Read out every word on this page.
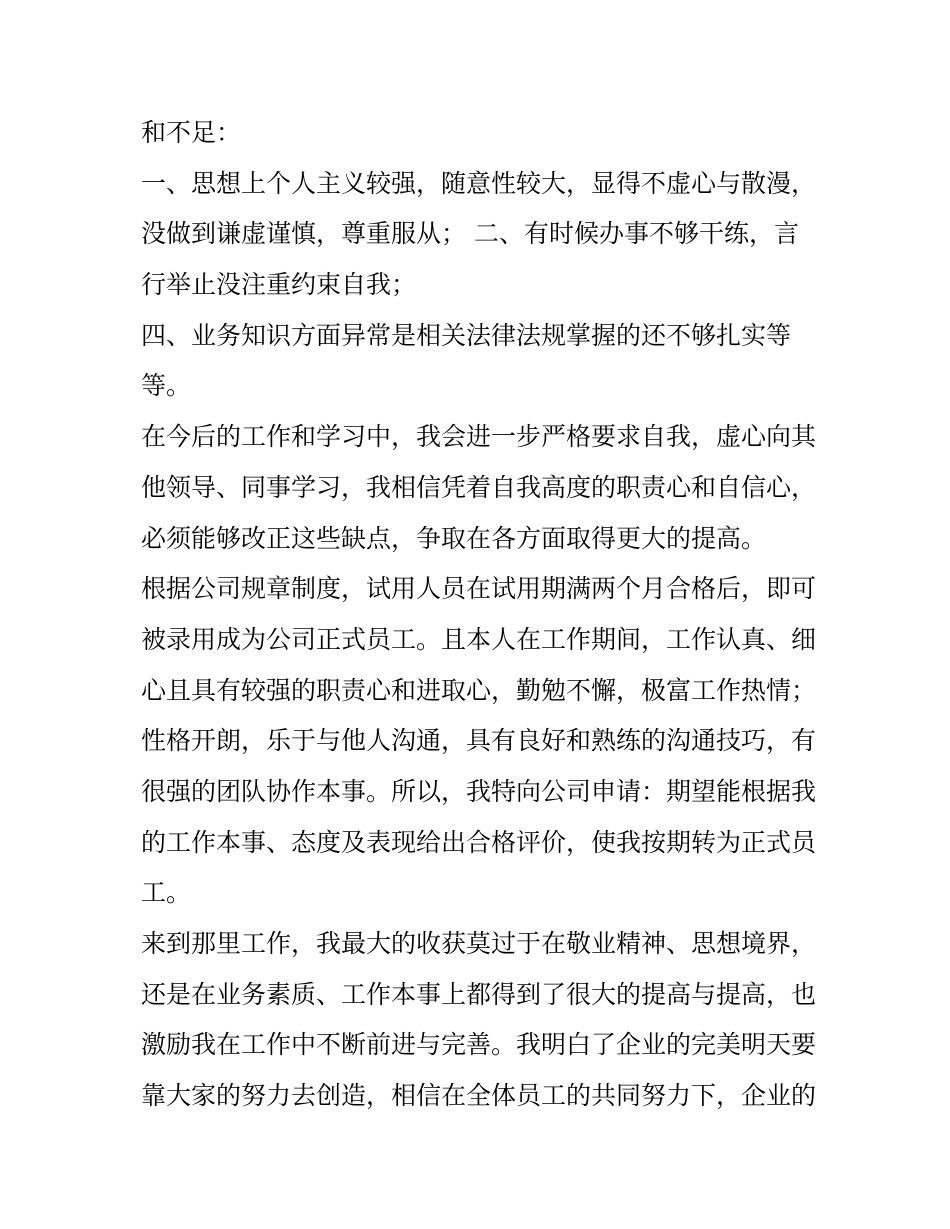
和不足：
一、思想上个人主义较强，随意性较大，显得不虚心与散漫，
没做到谦虚谨慎，尊重服从； 二、有时候办事不够干练，言
行举止没注重约束自我；
四、业务知识方面异常是相关法律法规掌握的还不够扎实等
等。
在今后的工作和学习中，我会进一步严格要求自我，虚心向其
他领导、同事学习，我相信凭着自我高度的职责心和自信心，
必须能够改正这些缺点，争取在各方面取得更大的提高。
根据公司规章制度，试用人员在试用期满两个月合格后，即可
被录用成为公司正式员工。且本人在工作期间，工作认真、细
心且具有较强的职责心和进取心，勤勉不懈，极富工作热情；
性格开朗，乐于与他人沟通，具有良好和熟练的沟通技巧，有
很强的团队协作本事。所以，我特向公司申请：期望能根据我
的工作本事、态度及表现给出合格评价，使我按期转为正式员
工。
来到那里工作，我最大的收获莫过于在敬业精神、思想境界，
还是在业务素质、工作本事上都得到了很大的提高与提高，也
激励我在工作中不断前进与完善。我明白了企业的完美明天要
靠大家的努力去创造，相信在全体员工的共同努力下，企业的
